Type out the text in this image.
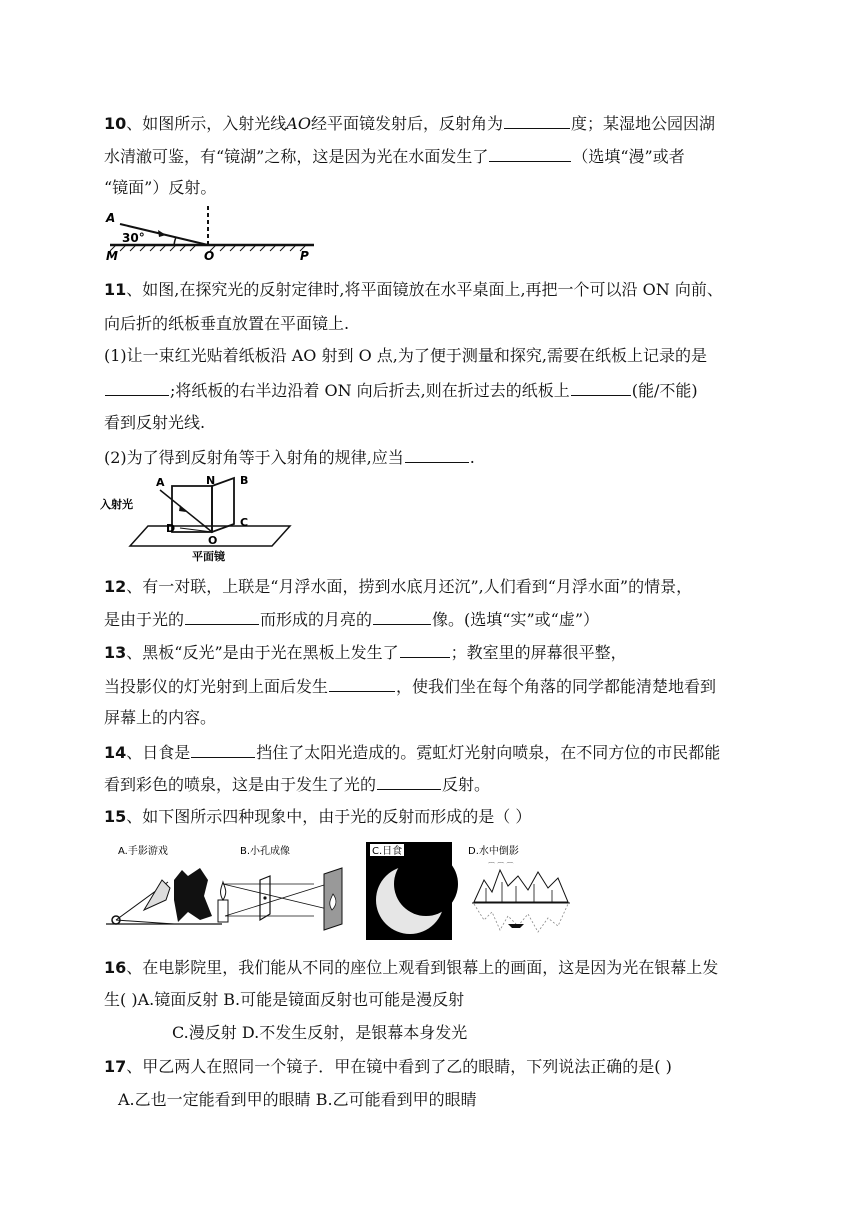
10、如图所示，入射光线AO经平面镜发射后，反射角为	度；某湿地公园因湖
水清澈可鉴，有“镜湖”之称，这是因为光在水面发生了	（选填“漫”或者
“镜面”）反射。
A
30°
M	O	P
11、如图,在探究光的反射定律时,将平面镜放在水平桌面上,再把一个可以沿 ON 向前、
向后折的纸板垂直放置在平面镜上.
(1)让一束红光贴着纸板沿 AO 射到 O 点,为了便于测量和探究,需要在纸板上记录的是
;将纸板的右半边沿着 ON 向后折去,则在折过去的纸板上	(能/不能)
看到反射光线.
(2)为了得到反射角等于入射角的规律,应当	.
入射光
A	N B
C
D
O
平面镜
12、有一对联，上联是“月浮水面，捞到水底月还沉”,人们看到“月浮水面”的情景，
是由于光的	而形成的月亮的	像。(选填“实”或“虚”）
13、黑板“反光”是由于光在黑板上发生了	；教室里的屏幕很平整，
当投影仪的灯光射到上面后发生	，使我们坐在每个角落的同学都能清楚地看到
屏幕上的内容。
14、日食是	挡住了太阳光造成的。霓虹灯光射向喷泉，在不同方位的市民都能
看到彩色的喷泉，这是由于发生了光的	反射。
15、如下图所示四种现象中，由于光的反射而形成的是（ ）
A.手影游戏	B.小孔成像	C.日食	D.水中倒影
⌒ ⌒ ⌒
16、在电影院里，我们能从不同的座位上观看到银幕上的画面，这是因为光在银幕上发
生( )A.镜面反射 B.可能是镜面反射也可能是漫反射
C.漫反射 D.不发生反射，是银幕本身发光
17、甲乙两人在照同一个镜子．甲在镜中看到了乙的眼睛，下列说法正确的是( )
A.乙也一定能看到甲的眼睛 B.乙可能看到甲的眼睛
